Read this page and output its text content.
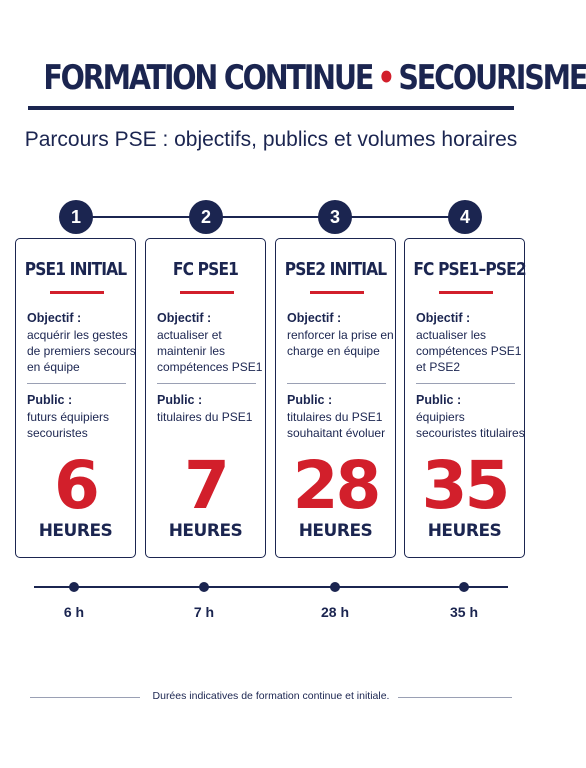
FORMATION CONTINUE • SECOURISME
Parcours PSE : objectifs, publics et volumes horaires
1	2	3	4
PSE1 INITIAL
Objectif :
acquérir les gestes de premiers secours en équipe
Public :
futurs équipiers secouristes
6
HEURES
FC PSE1
Objectif :
actualiser et maintenir les compétences PSE1
Public :
titulaires du PSE1
7
HEURES
PSE2 INITIAL
Objectif :
renforcer la prise en charge en équipe
Public :
titulaires du PSE1 souhaitant évoluer
28
HEURES
FC PSE1–PSE2
Objectif :
actualiser les compétences PSE1 et PSE2
Public :
équipiers secouristes titulaires
35
HEURES
6 h	7 h	28 h	35 h
Durées indicatives de formation continue et initiale.
